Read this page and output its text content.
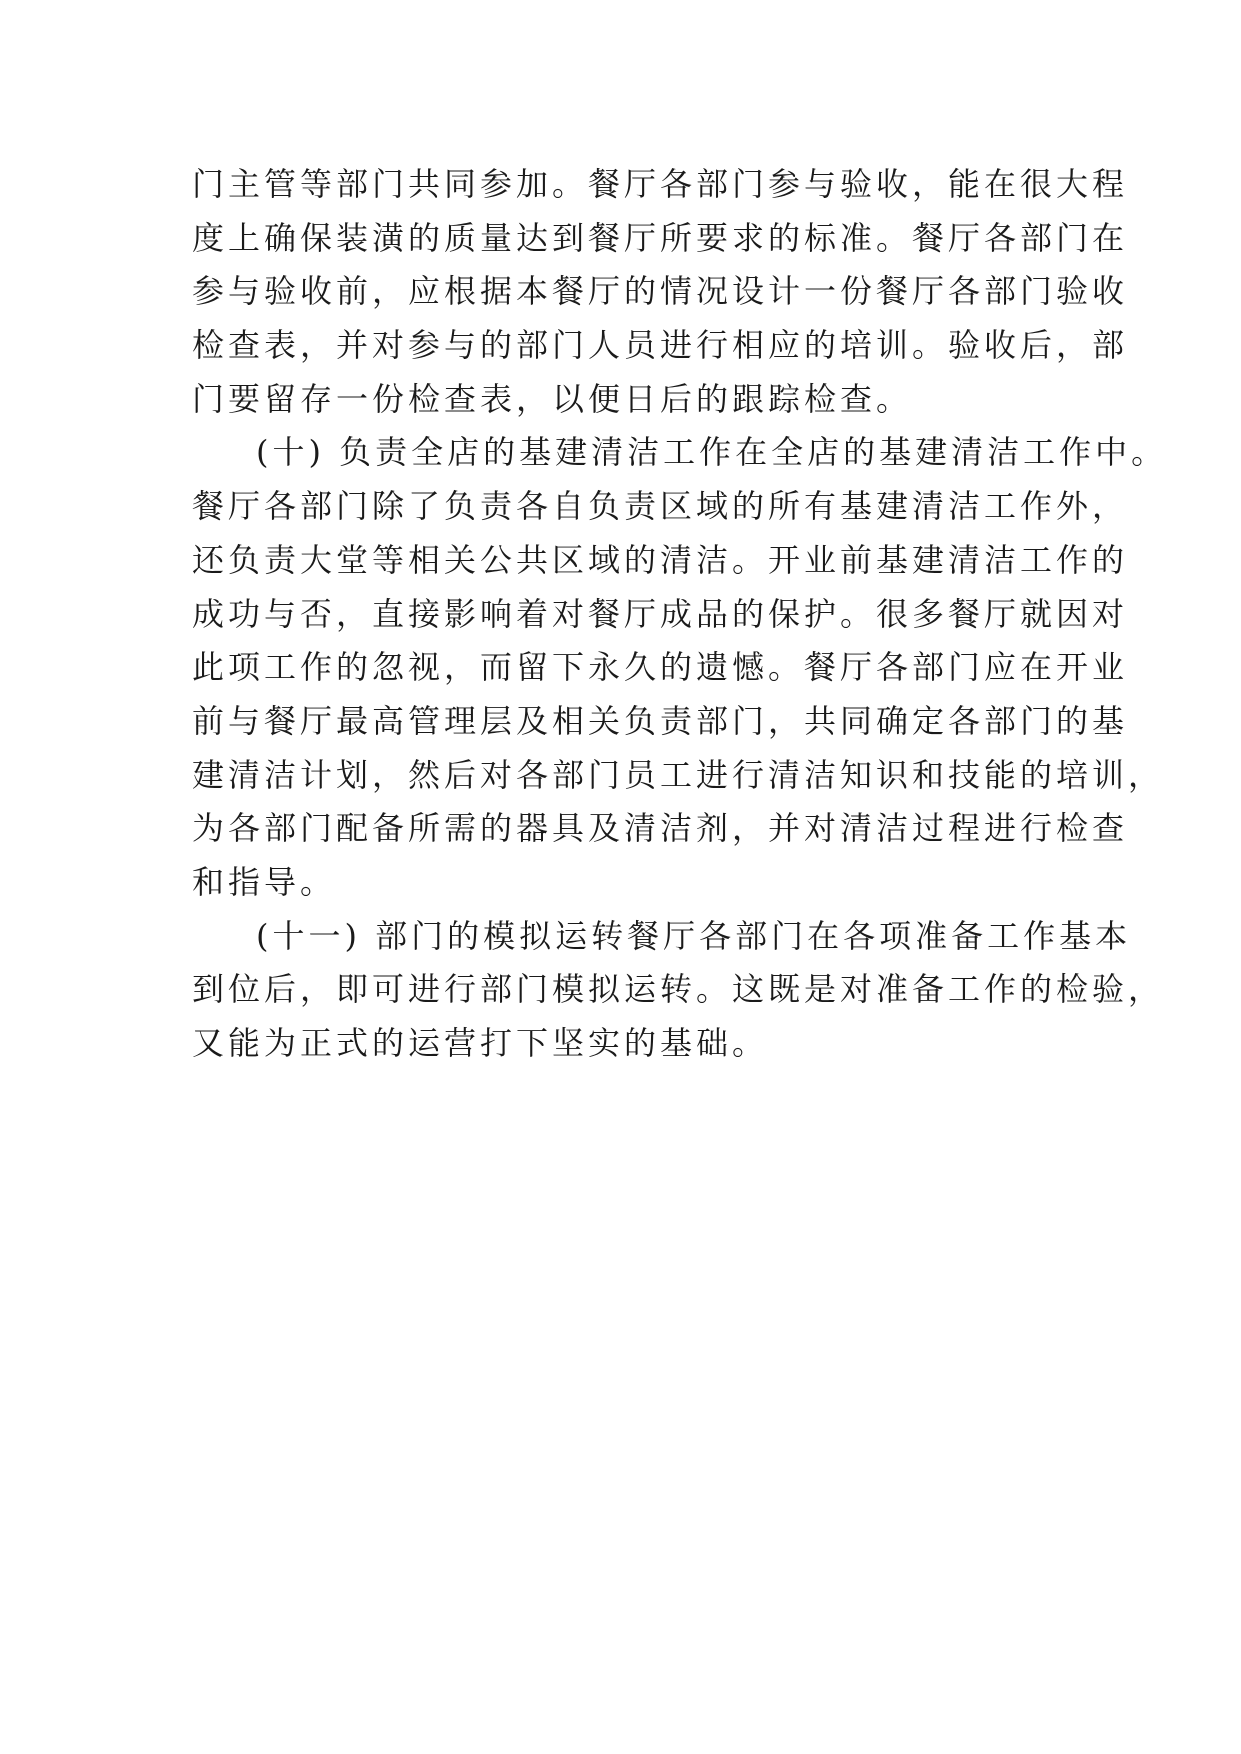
门主管等部门共同参加。餐厅各部门参与验收，能在很大程
度上确保装潢的质量达到餐厅所要求的标准。餐厅各部门在
参与验收前，应根据本餐厅的情况设计一份餐厅各部门验收
检查表，并对参与的部门人员进行相应的培训。验收后，部
门要留存一份检查表，以便日后的跟踪检查。
(十) 负责全店的基建清洁工作在全店的基建清洁工作中。
餐厅各部门除了负责各自负责区域的所有基建清洁工作外，
还负责大堂等相关公共区域的清洁。开业前基建清洁工作的
成功与否，直接影响着对餐厅成品的保护。很多餐厅就因对
此项工作的忽视，而留下永久的遗憾。餐厅各部门应在开业
前与餐厅最高管理层及相关负责部门，共同确定各部门的基
建清洁计划，然后对各部门员工进行清洁知识和技能的培训，
为各部门配备所需的器具及清洁剂，并对清洁过程进行检查
和指导。
(十一) 部门的模拟运转餐厅各部门在各项准备工作基本
到位后，即可进行部门模拟运转。这既是对准备工作的检验，
又能为正式的运营打下坚实的基础。
